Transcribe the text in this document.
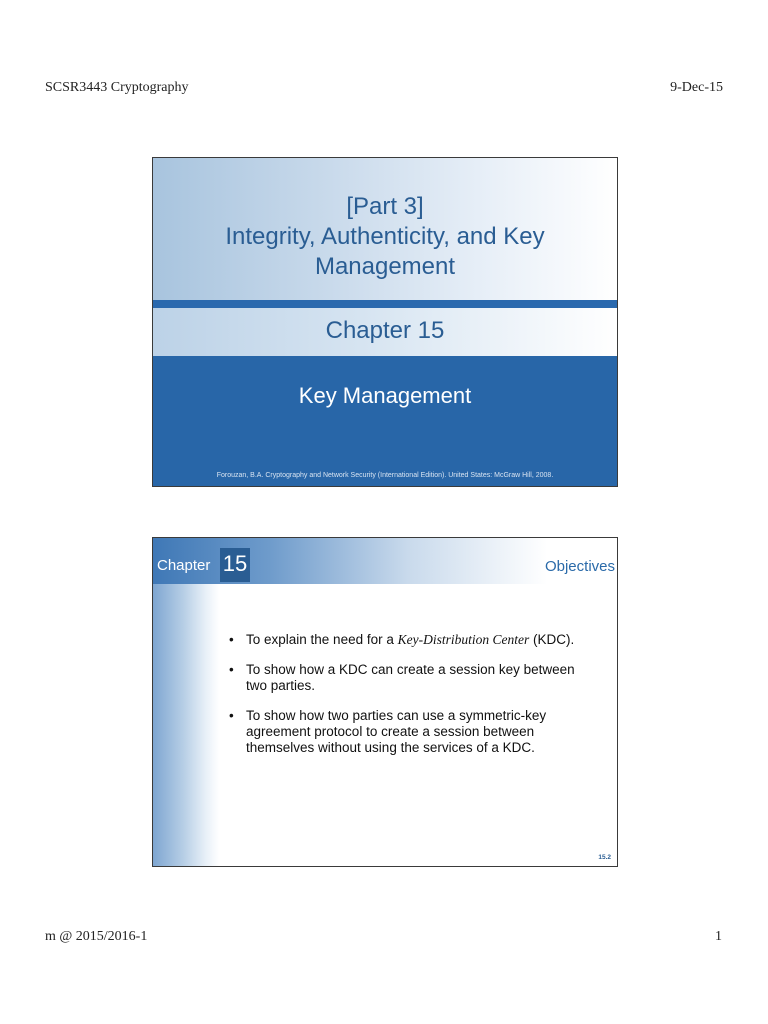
SCSR3443 Cryptography	9-Dec-15
[Part 3]
Integrity, Authenticity, and Key
Management
Chapter 15
Key Management
Forouzan, B.A. Cryptography and Network Security (International Edition). United States: McGraw Hill, 2008.
Chapter 15	Objectives
• To explain the need for a Key-Distribution Center (KDC).
• To show how a KDC can create a session key between two parties.
• To show how two parties can use a symmetric-key agreement protocol to create a session between themselves without using the services of a KDC.
15.2
m @ 2015/2016-1	1
